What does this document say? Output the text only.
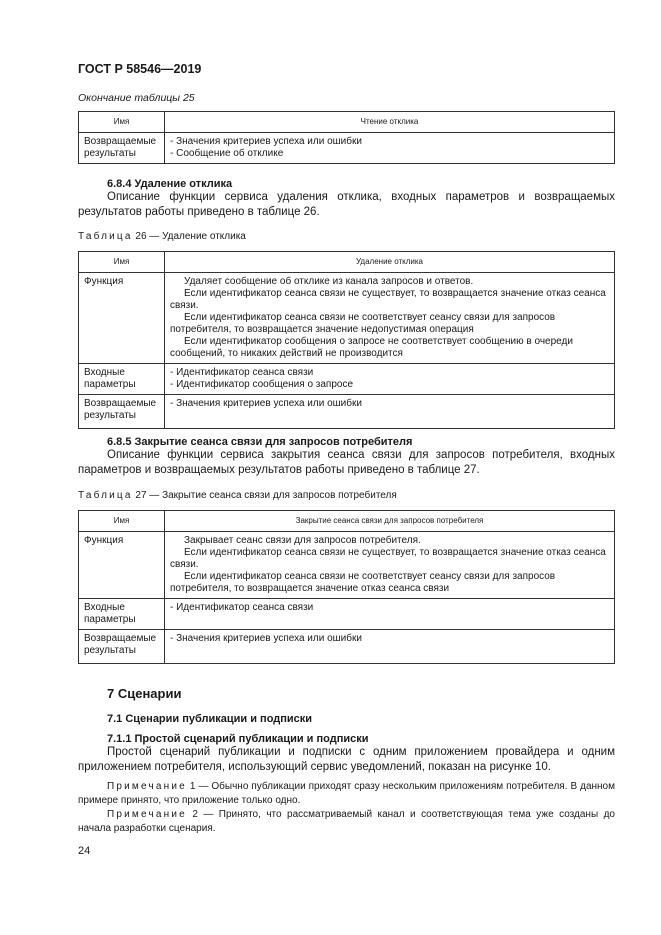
ГОСТ Р 58546—2019
Окончание таблицы 25
Имя	Чтение отклика
Возвращаемые результаты	- Значения критериев успеха или ошибки
- Сообщение об отклике
6.8.4 Удаление отклика
Описание функции сервиса удаления отклика, входных параметров и возвращаемых результатов работы приведено в таблице 26.
Таблица 26 — Удаление отклика
Имя	Удаление отклика
Функция	Удаляет сообщение об отклике из канала запросов и ответов.
Если идентификатор сеанса связи не существует, то возвращается значение отказ сеанса связи.
Если идентификатор сеанса связи не соответствует сеансу связи для запросов потребителя, то возвращается значение недопустимая операция
Если идентификатор сообщения о запросе не соответствует сообщению в очереди сообщений, то никаких действий не производится

Входные параметры	- Идентификатор сеанса связи
- Идентификатор сообщения о запросе

Возвращаемые результаты	- Значения критериев успеха или ошибки
6.8.5 Закрытие сеанса связи для запросов потребителя
Описание функции сервиса закрытия сеанса связи для запросов потребителя, входных параметров и возвращаемых результатов работы приведено в таблице 27.
Таблица 27 — Закрытие сеанса связи для запросов потребителя
Имя	Закрытие сеанса связи для запросов потребителя
Функция	Закрывает сеанс связи для запросов потребителя.
Если идентификатор сеанса связи не существует, то возвращается значение отказ сеанса связи.
Если идентификатор сеанса связи не соответствует сеансу связи для запросов потребителя, то возвращается значение отказ сеанса связи

Входные параметры	- Идентификатор сеанса связи

Возвращаемые результаты	- Значения критериев успеха или ошибки
7 Сценарии
7.1 Сценарии публикации и подписки
7.1.1 Простой сценарий публикации и подписки
Простой сценарий публикации и подписки с одним приложением провайдера и одним приложением потребителя, использующий сервис уведомлений, показан на рисунке 10.
Примечание 1 — Обычно публикации приходят сразу нескольким приложениям потребителя. В данном примере принято, что приложение только одно.
Примечание 2 — Принято, что рассматриваемый канал и соответствующая тема уже созданы до начала разработки сценария.
24
